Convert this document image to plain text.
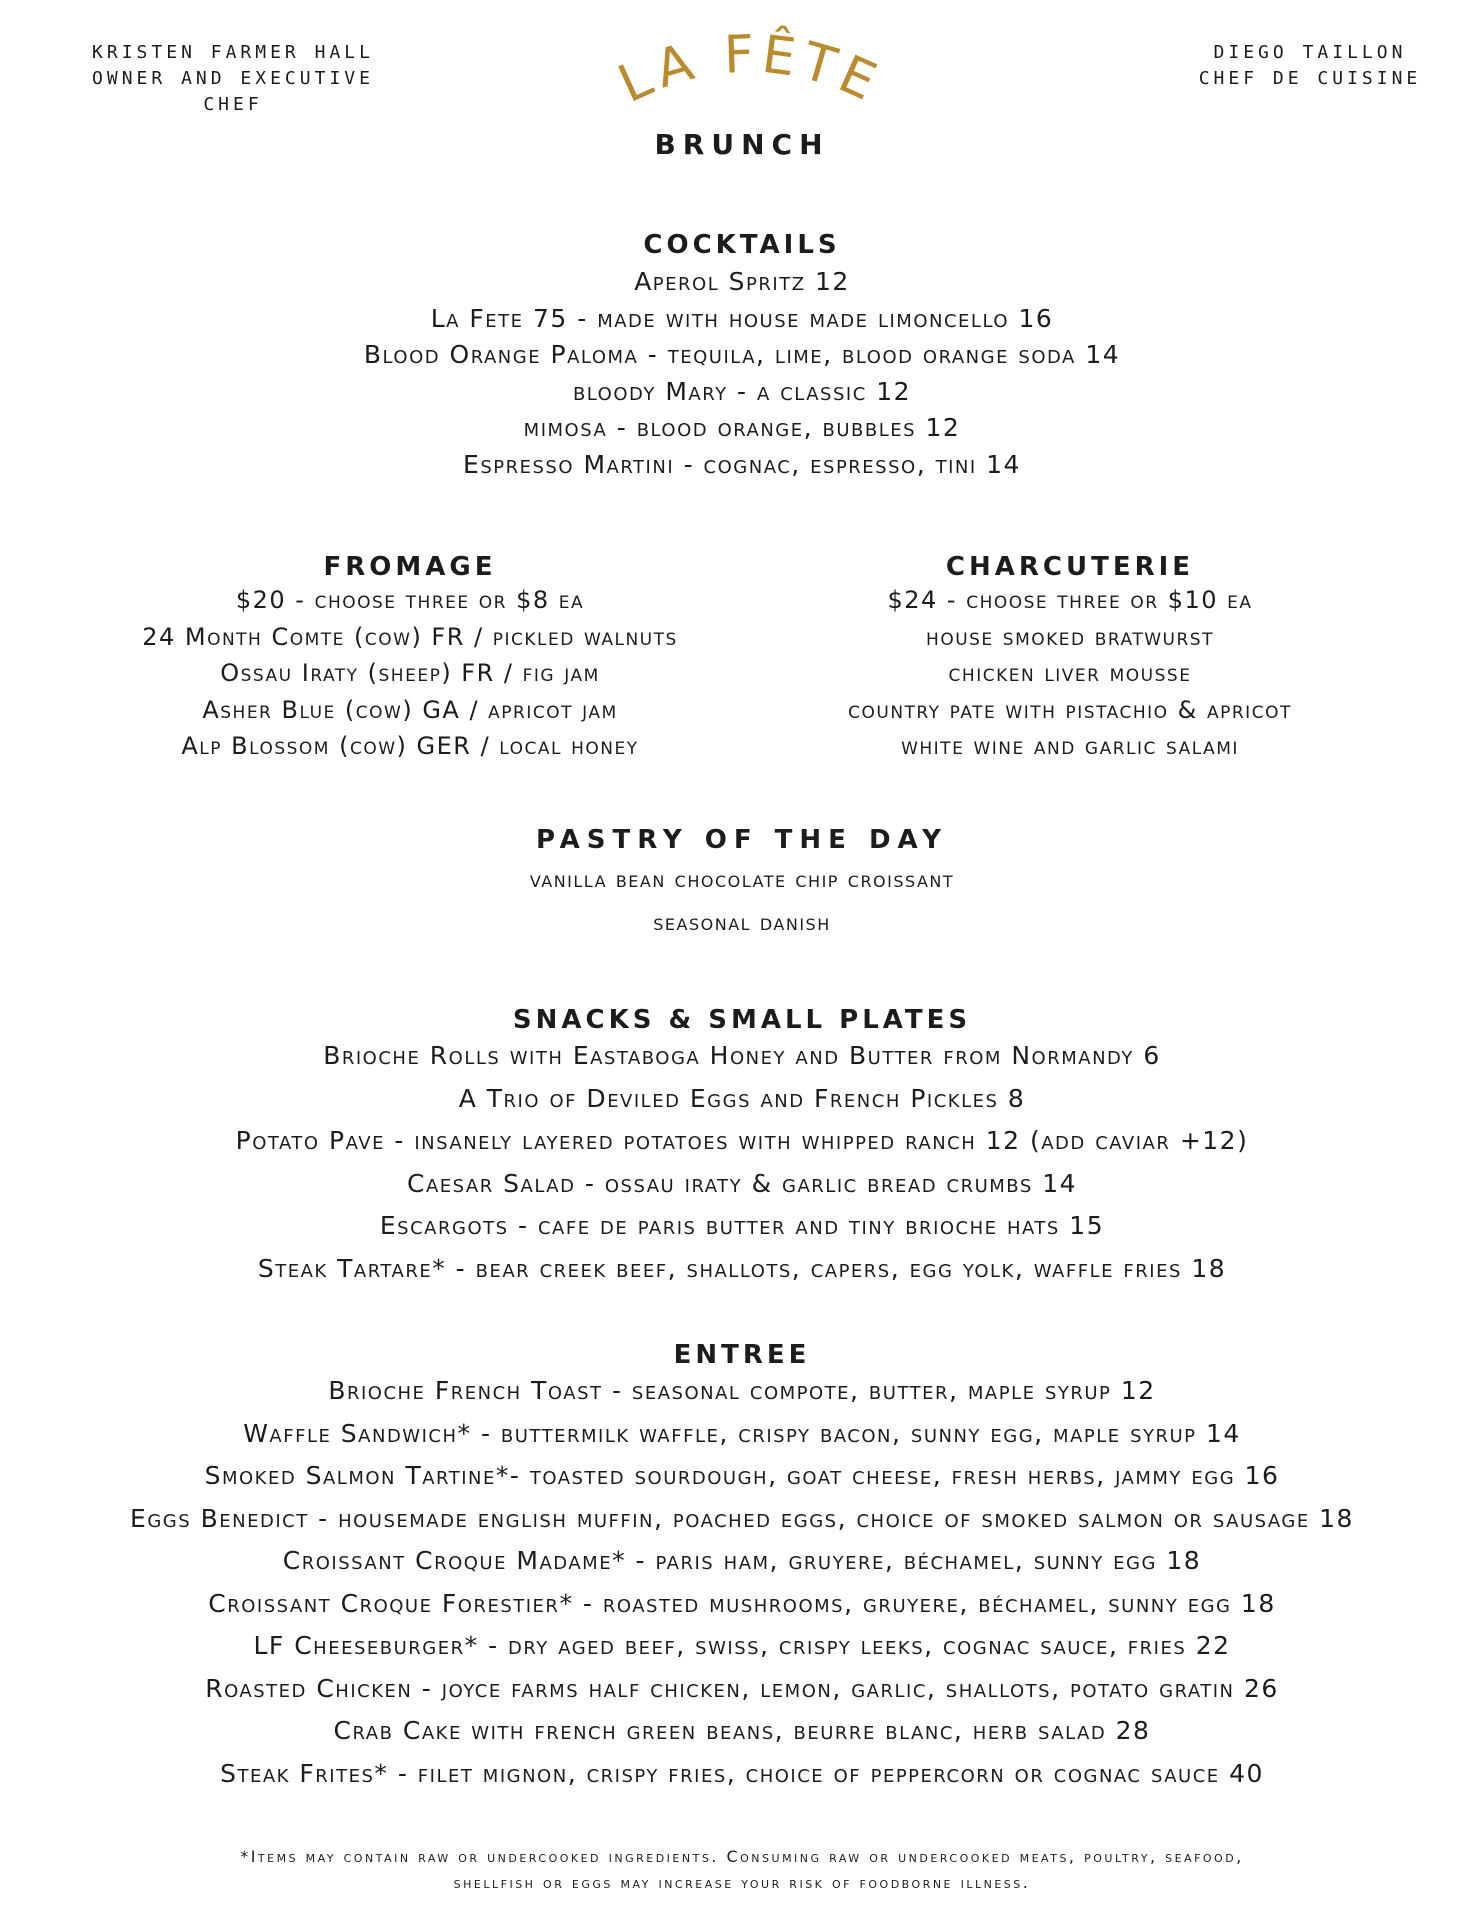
KRISTEN FARMER HALL
OWNER AND EXECUTIVE CHEF	LA FÊTE	DIEGO TAILLON
CHEF DE CUISINE
BRUNCH
COCKTAILS
Aperol Spritz 12
La Fete 75 - made with house made limoncello 16
Blood Orange Paloma - tequila, lime, blood orange soda 14
bloody Mary - a classic 12
mimosa - blood orange, bubbles 12
Espresso Martini - cognac, espresso, tini 14
FROMAGE
$20 - choose three or $8 ea
24 Month Comte (cow) FR / pickled walnuts
Ossau Iraty (sheep) FR / fig jam
Asher Blue (cow) GA / apricot jam
Alp Blossom (cow) GER / local honey
CHARCUTERIE
$24 - choose three or $10 ea
house smoked bratwurst
chicken liver mousse
country pate with pistachio & apricot
white wine and garlic salami
PASTRY OF THE DAY
vanilla bean chocolate chip croissant
seasonal danish
SNACKS & SMALL PLATES
Brioche Rolls with Eastaboga Honey and Butter from Normandy 6
A Trio of Deviled Eggs and French Pickles 8
Potato Pave - insanely layered potatoes with whipped ranch 12 (add caviar +12)
Caesar Salad - ossau iraty & garlic bread crumbs 14
Escargots - cafe de paris butter and tiny brioche hats 15
Steak Tartare* - bear creek beef, shallots, capers, egg yolk, waffle fries 18
ENTREE
Brioche French Toast - seasonal compote, butter, maple syrup 12
Waffle Sandwich* - buttermilk waffle, crispy bacon, sunny egg, maple syrup 14
Smoked Salmon Tartine*- toasted sourdough, goat cheese, fresh herbs, jammy egg 16
Eggs Benedict - housemade english muffin, poached eggs, choice of smoked salmon or sausage 18
Croissant Croque Madame* - paris ham, gruyere, béchamel, sunny egg 18
Croissant Croque Forestier* - roasted mushrooms, gruyere, béchamel, sunny egg 18
LF Cheeseburger* - dry aged beef, swiss, crispy leeks, cognac sauce, fries 22
Roasted Chicken - joyce farms half chicken, lemon, garlic, shallots, potato gratin 26
Crab Cake with french green beans, beurre blanc, herb salad 28
Steak Frites* - filet mignon, crispy fries, choice of peppercorn or cognac sauce 40
*Items may contain raw or undercooked ingredients. Consuming raw or undercooked meats, poultry, seafood,
shellfish or eggs may increase your risk of foodborne illness.
